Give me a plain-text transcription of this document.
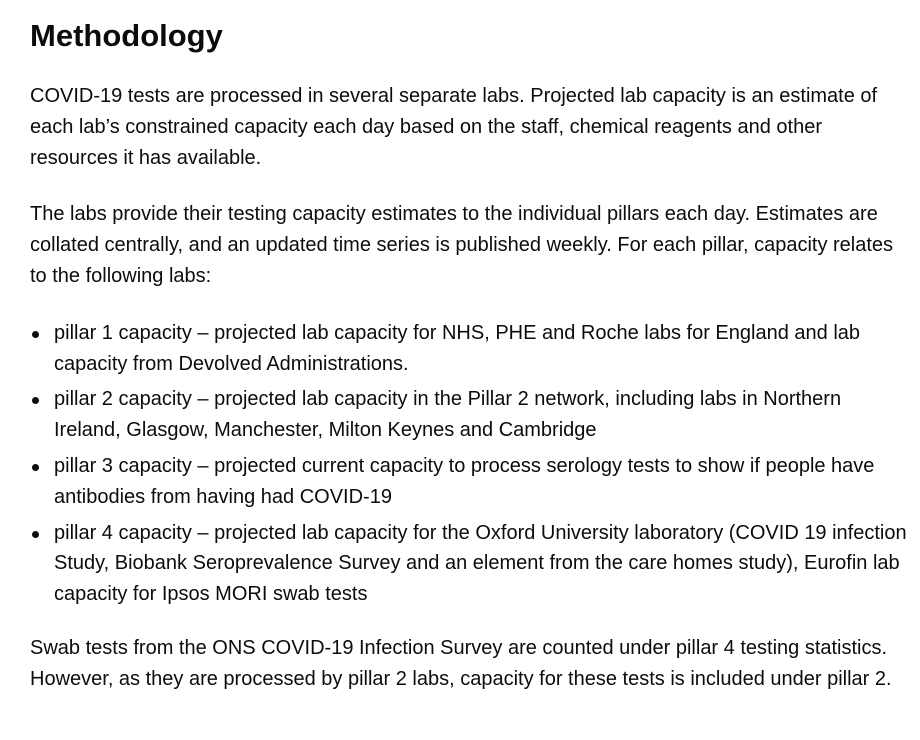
Methodology

COVID-19 tests are processed in several separate labs. Projected lab capacity is an estimate of each lab’s constrained capacity each day based on the staff, chemical reagents and other resources it has available.

The labs provide their testing capacity estimates to the individual pillars each day. Estimates are collated centrally, and an updated time series is published weekly. For each pillar, capacity relates to the following labs:

pillar 1 capacity – projected lab capacity for NHS, PHE and Roche labs for England and lab capacity from Devolved Administrations.
pillar 2 capacity – projected lab capacity in the Pillar 2 network, including labs in Northern Ireland, Glasgow, Manchester, Milton Keynes and Cambridge
pillar 3 capacity – projected current capacity to process serology tests to show if people have antibodies from having had COVID-19
pillar 4 capacity – projected lab capacity for the Oxford University laboratory (COVID 19 infection Study, Biobank Seroprevalence Survey and an element from the care homes study), Eurofin lab capacity for Ipsos MORI swab tests

Swab tests from the ONS COVID-19 Infection Survey are counted under pillar 4 testing statistics. However, as they are processed by pillar 2 labs, capacity for these tests is included under pillar 2.
